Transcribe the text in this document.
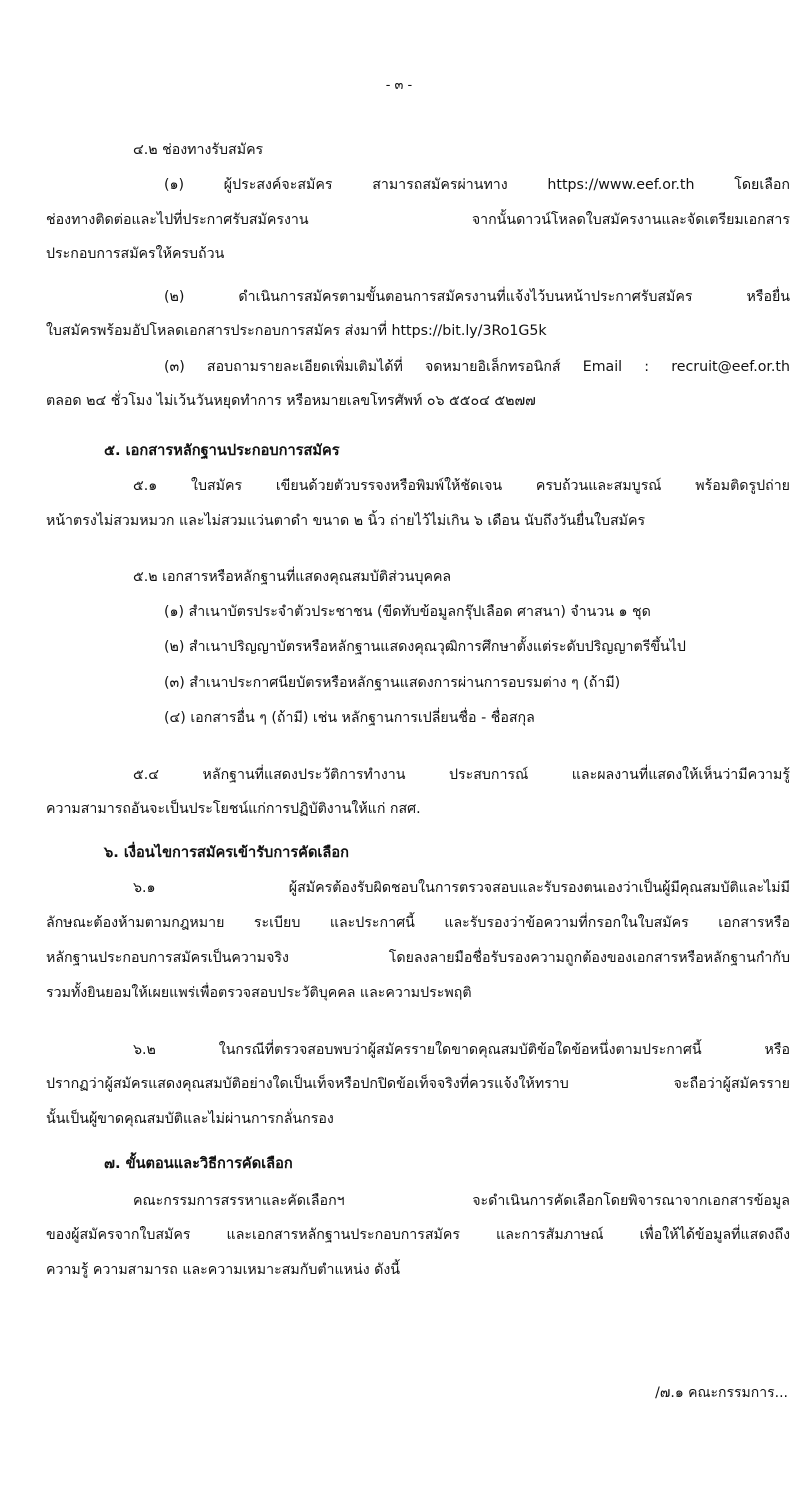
- ๓ -
๔.๒ ช่องทางรับสมัคร
(๑) ผู้ประสงค์จะสมัคร สามารถสมัครผ่านทาง https://www.eef.or.th โดยเลือก
ช่องทางติดต่อและไปที่ประกาศรับสมัครงาน จากนั้นดาวน์โหลดใบสมัครงานและจัดเตรียมเอกสาร
ประกอบการสมัครให้ครบถ้วน
(๒) ดำเนินการสมัครตามขั้นตอนการสมัครงานที่แจ้งไว้บนหน้าประกาศรับสมัคร หรือยื่น
ใบสมัครพร้อมอัปโหลดเอกสารประกอบการสมัคร ส่งมาที่ https://bit.ly/3Ro1G5k
(๓) สอบถามรายละเอียดเพิ่มเติมได้ที่ จดหมายอิเล็กทรอนิกส์ Email : recruit@eef.or.th
ตลอด ๒๔ ชั่วโมง ไม่เว้นวันหยุดทำการ หรือหมายเลขโทรศัพท์ ๐๖ ๕๕๐๔ ๕๒๗๗
๕. เอกสารหลักฐานประกอบการสมัคร
๕.๑ ใบสมัคร เขียนด้วยตัวบรรจงหรือพิมพ์ให้ชัดเจน ครบถ้วนและสมบูรณ์ พร้อมติดรูปถ่าย
หน้าตรงไม่สวมหมวก และไม่สวมแว่นตาดำ ขนาด ๒ นิ้ว ถ่ายไว้ไม่เกิน ๖ เดือน นับถึงวันยื่นใบสมัคร
๕.๒ เอกสารหรือหลักฐานที่แสดงคุณสมบัติส่วนบุคคล
(๑) สำเนาบัตรประจำตัวประชาชน (ขีดทับข้อมูลกรุ๊ปเลือด ศาสนา) จำนวน ๑ ชุด
(๒) สำเนาปริญญาบัตรหรือหลักฐานแสดงคุณวุฒิการศึกษาตั้งแต่ระดับปริญญาตรีขึ้นไป
(๓) สำเนาประกาศนียบัตรหรือหลักฐานแสดงการผ่านการอบรมต่าง ๆ (ถ้ามี)
(๔) เอกสารอื่น ๆ (ถ้ามี) เช่น หลักฐานการเปลี่ยนชื่อ - ชื่อสกุล
๕.๔ หลักฐานที่แสดงประวัติการทำงาน ประสบการณ์ และผลงานที่แสดงให้เห็นว่ามีความรู้
ความสามารถอันจะเป็นประโยชน์แก่การปฏิบัติงานให้แก่ กสศ.
๖. เงื่อนไขการสมัครเข้ารับการคัดเลือก
๖.๑ ผู้สมัครต้องรับผิดชอบในการตรวจสอบและรับรองตนเองว่าเป็นผู้มีคุณสมบัติและไม่มี
ลักษณะต้องห้ามตามกฎหมาย ระเบียบ และประกาศนี้ และรับรองว่าข้อความที่กรอกในใบสมัคร เอกสารหรือ
หลักฐานประกอบการสมัครเป็นความจริง โดยลงลายมือชื่อรับรองความถูกต้องของเอกสารหรือหลักฐานกำกับ
รวมทั้งยินยอมให้เผยแพร่เพื่อตรวจสอบประวัติบุคคล และความประพฤติ
๖.๒ ในกรณีที่ตรวจสอบพบว่าผู้สมัครรายใดขาดคุณสมบัติข้อใดข้อหนึ่งตามประกาศนี้ หรือ
ปรากฏว่าผู้สมัครแสดงคุณสมบัติอย่างใดเป็นเท็จหรือปกปิดข้อเท็จจริงที่ควรแจ้งให้ทราบ จะถือว่าผู้สมัครราย
นั้นเป็นผู้ขาดคุณสมบัติและไม่ผ่านการกลั่นกรอง
๗. ขั้นตอนและวิธีการคัดเลือก
คณะกรรมการสรรหาและคัดเลือกฯ จะดำเนินการคัดเลือกโดยพิจารณาจากเอกสารข้อมูล
ของผู้สมัครจากใบสมัคร และเอกสารหลักฐานประกอบการสมัคร และการสัมภาษณ์ เพื่อให้ได้ข้อมูลที่แสดงถึง
ความรู้ ความสามารถ และความเหมาะสมกับตำแหน่ง ดังนี้
/๗.๑ คณะกรรมการ...
